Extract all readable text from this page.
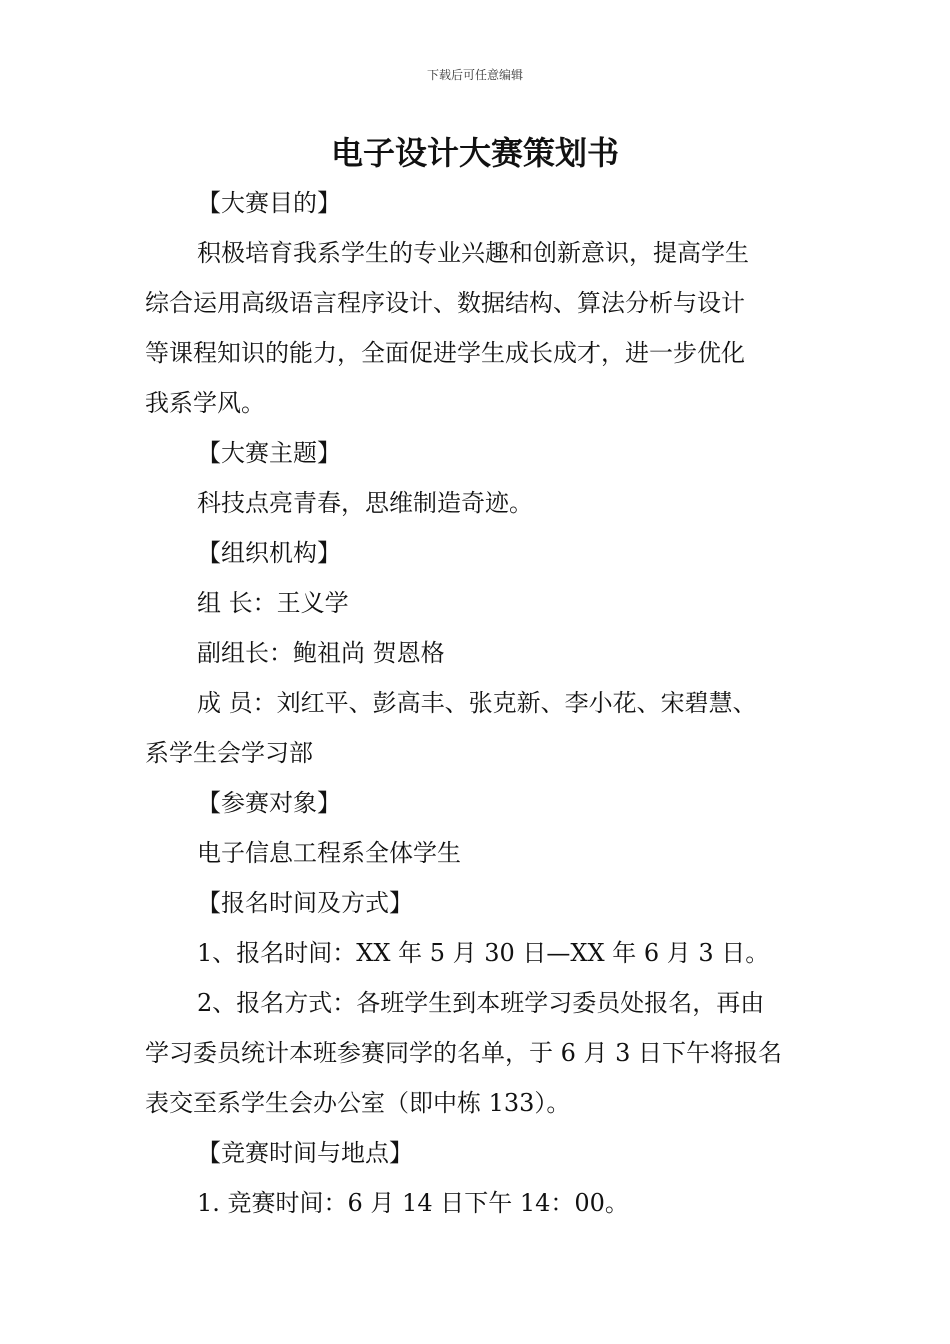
下载后可任意编辑
电子设计大赛策划书
【大赛目的】
积极培育我系学生的专业兴趣和创新意识，提高学生
综合运用高级语言程序设计、数据结构、算法分析与设计
等课程知识的能力，全面促进学生成长成才，进一步优化
我系学风。
【大赛主题】
科技点亮青春，思维制造奇迹。
【组织机构】
组 长：王义学
副组长：鲍祖尚 贺恩格
成 员：刘红平、彭高丰、张克新、李小花、宋碧慧、
系学生会学习部
【参赛对象】
电子信息工程系全体学生
【报名时间及方式】
1、报名时间：XX 年 5 月 30 日—XX 年 6 月 3 日。
2、报名方式：各班学生到本班学习委员处报名，再由
学习委员统计本班参赛同学的名单，于 6 月 3 日下午将报名
表交至系学生会办公室（即中栋 133）。
【竞赛时间与地点】
1. 竞赛时间：6 月 14 日下午 14：00。
